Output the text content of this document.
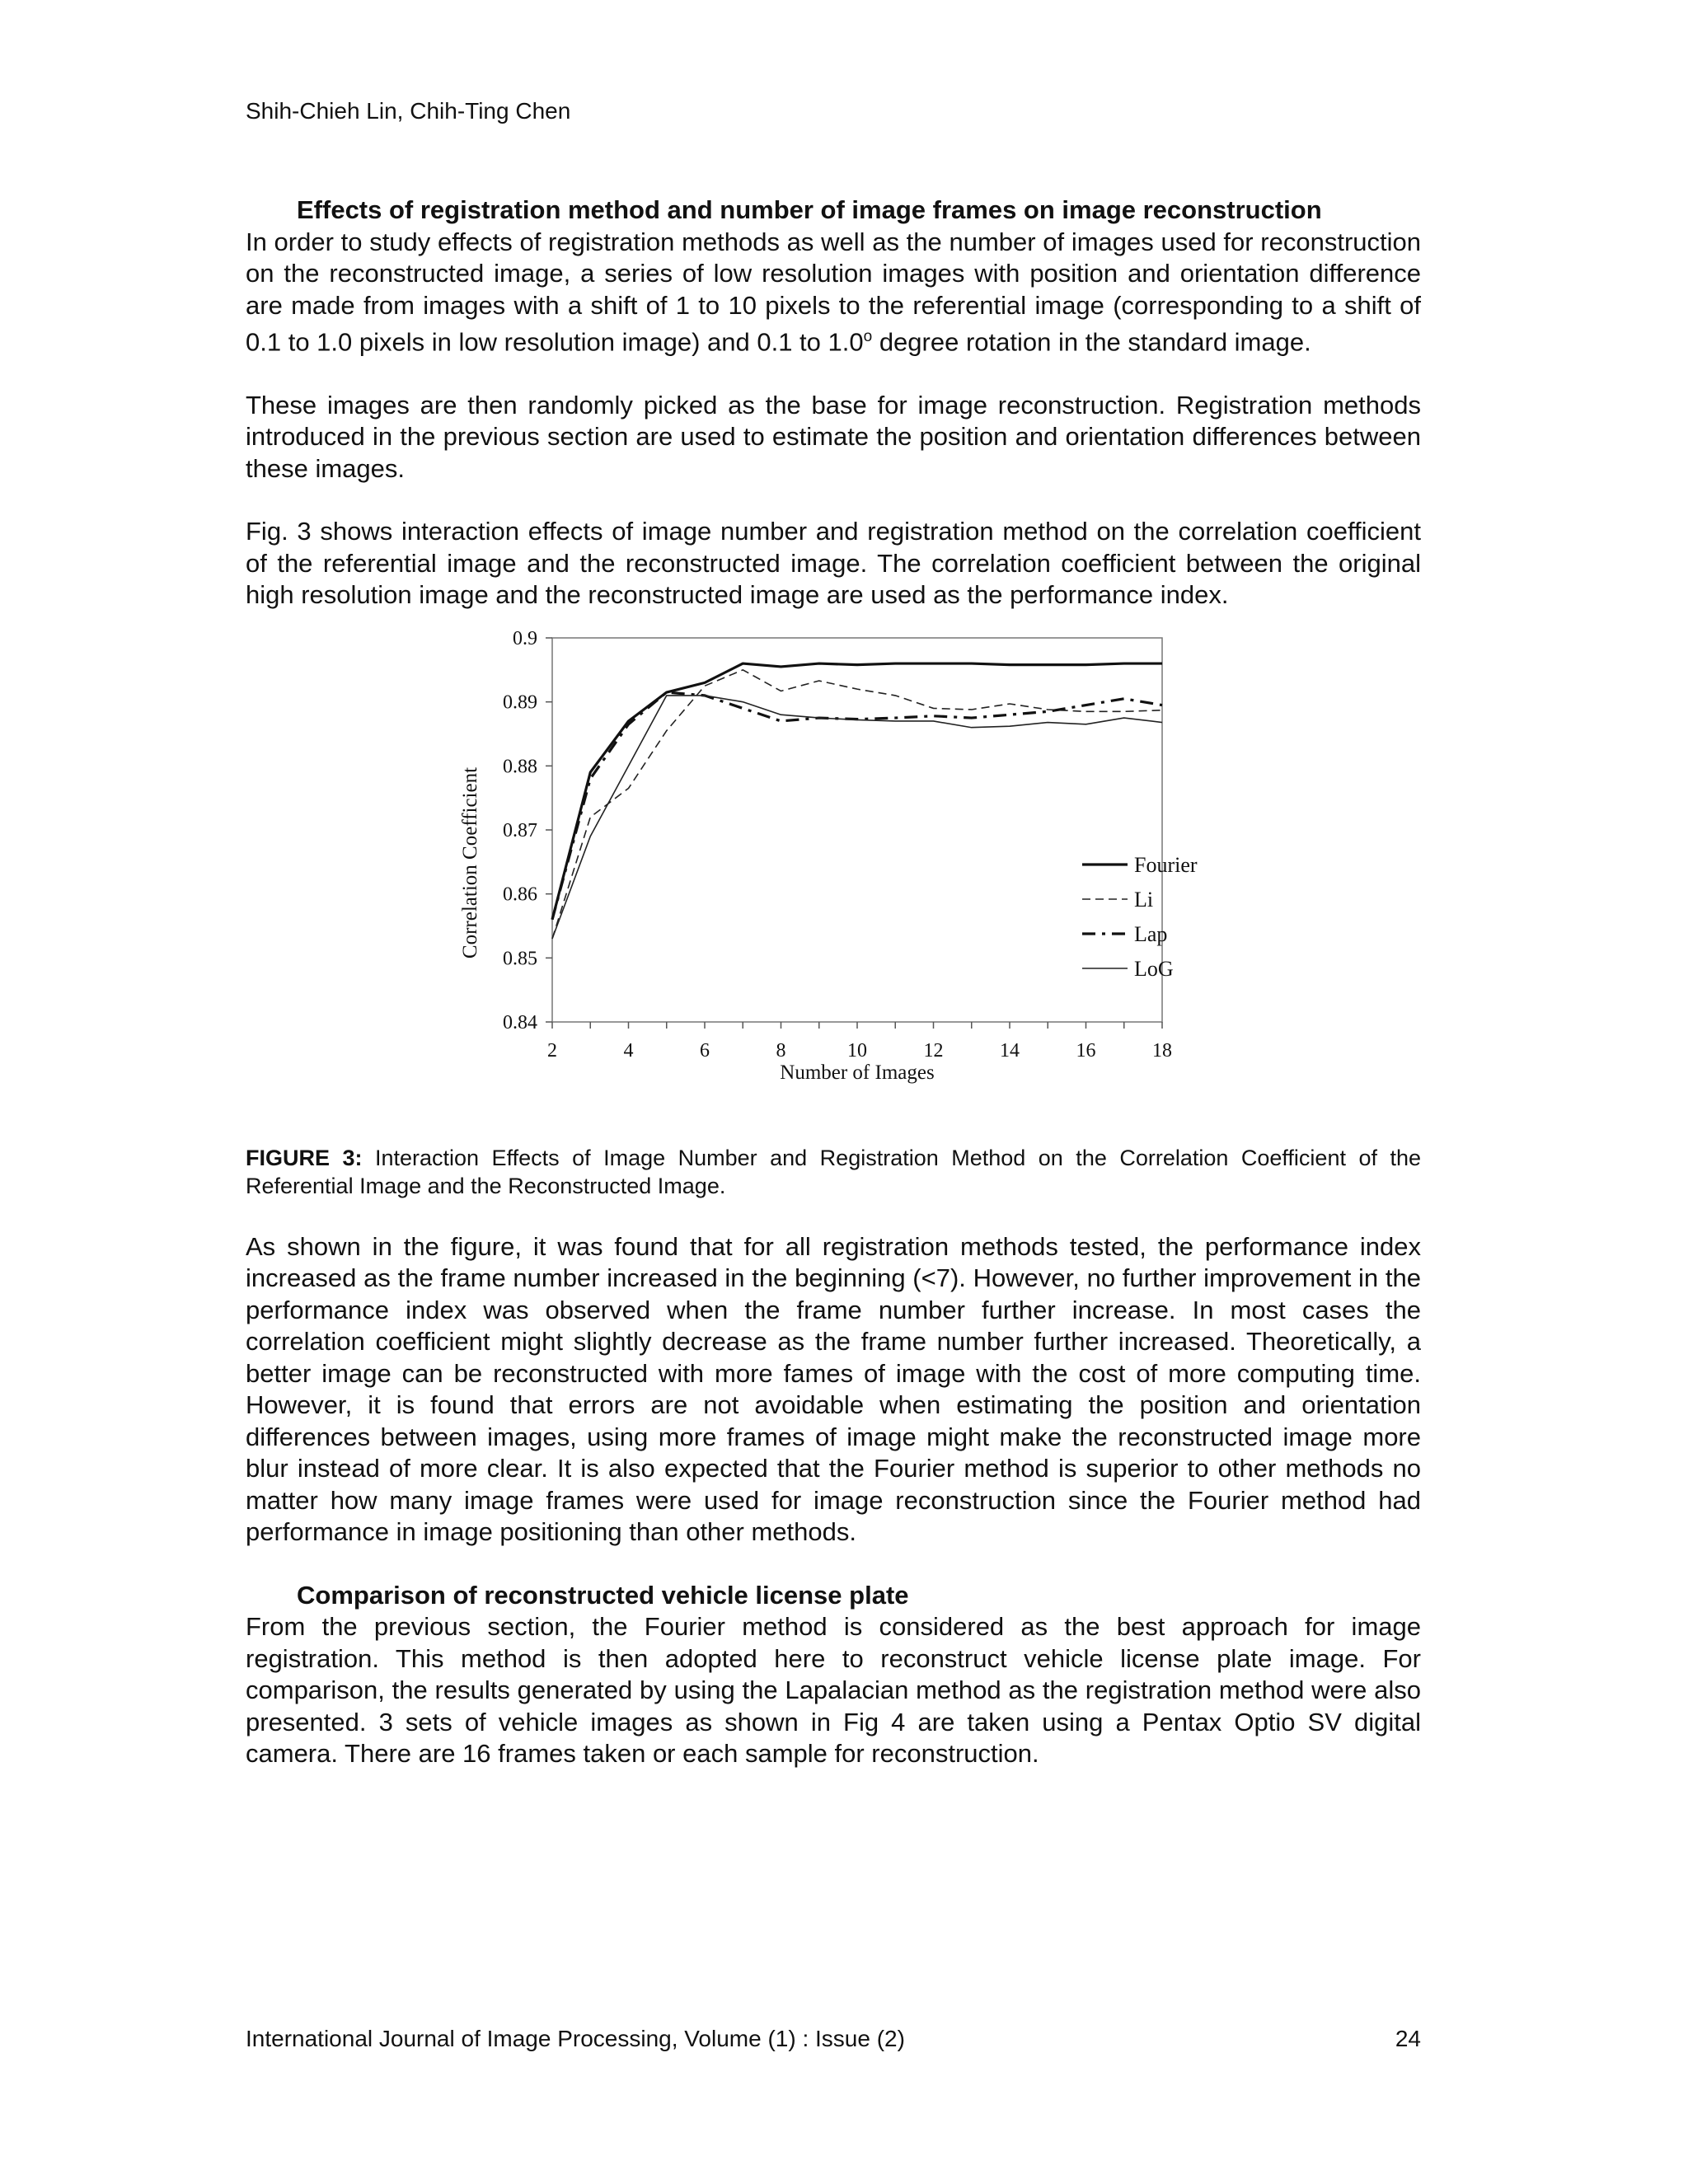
Shih-Chieh Lin, Chih-Ting Chen

Effects of registration method and number of image frames on image reconstruction

In order to study effects of registration methods as well as the number of images used for reconstruction on the reconstructed image, a series of low resolution images with position and orientation difference are made from images with a shift of 1 to 10 pixels to the referential image (corresponding to a shift of 0.1 to 1.0 pixels in low resolution image) and 0.1 to 1.0$^o$ degree rotation in the standard image.

These images are then randomly picked as the base for image reconstruction. Registration methods introduced in the previous section are used to estimate the position and orientation differences between these images.

Fig. 3 shows interaction effects of image number and registration method on the correlation coefficient of the referential image and the reconstructed image. The correlation coefficient between the original high resolution image and the reconstructed image are used as the performance index.

0.84
0.85
0.86
0.87
0.88
0.89
0.9
2	4	6	8	10	12	14	16	18
Number of Images
Correlation Coefficient	Fourier
Li
Lap
LoG

FIGURE 3: Interaction Effects of Image Number and Registration Method on the Correlation Coefficient of the Referential Image and the Reconstructed Image.

As shown in the figure, it was found that for all registration methods tested, the performance index increased as the frame number increased in the beginning (<7). However, no further improvement in the performance index was observed when the frame number further increase. In most cases the correlation coefficient might slightly decrease as the frame number further increased. Theoretically, a better image can be reconstructed with more fames of image with the cost of more computing time. However, it is found that errors are not avoidable when estimating the position and orientation differences between images, using more frames of image might make the reconstructed image more blur instead of more clear. It is also expected that the Fourier method is superior to other methods no matter how many image frames were used for image reconstruction since the Fourier method had performance in image positioning than other methods.

Comparison of reconstructed vehicle license plate

From the previous section, the Fourier method is considered as the best approach for image registration. This method is then adopted here to reconstruct vehicle license plate image. For comparison, the results generated by using the Lapalacian method as the registration method were also presented. 3 sets of vehicle images as shown in Fig 4 are taken using a Pentax Optio SV digital camera. There are 16 frames taken or each sample for reconstruction.

International Journal of Image Processing, Volume (1) : Issue (2)	24
